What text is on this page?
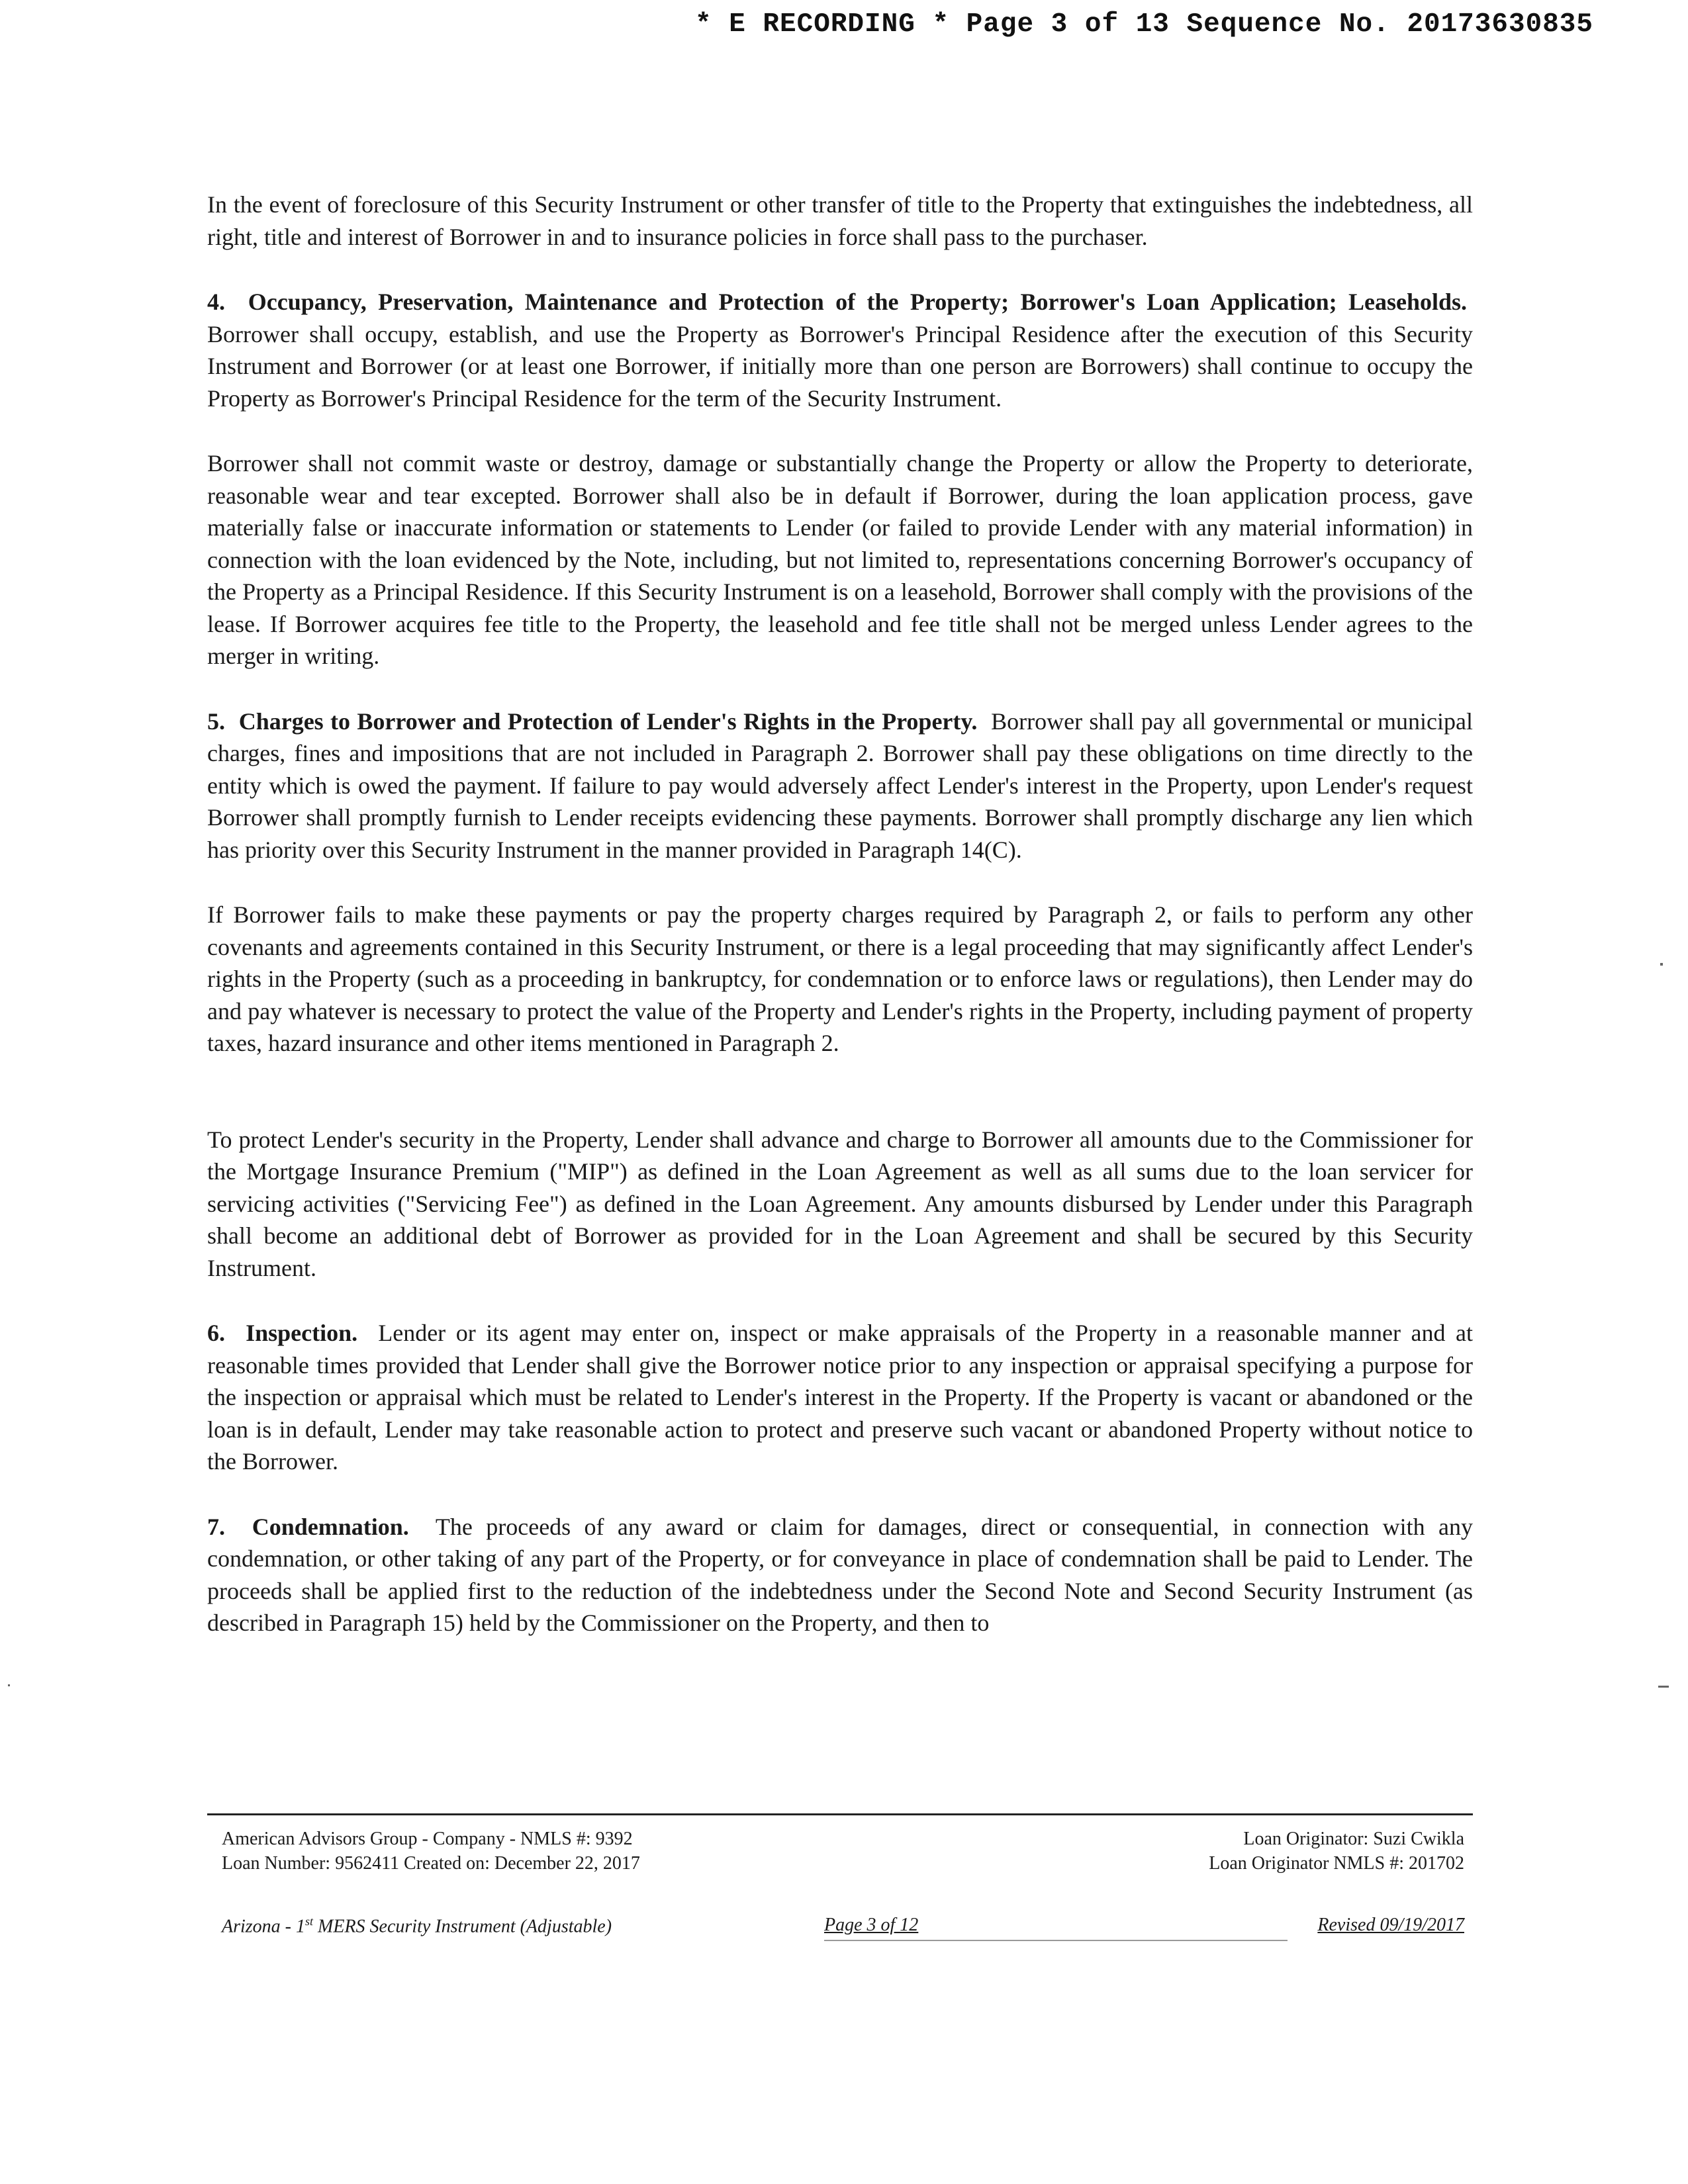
* E RECORDING * Page 3 of 13 Sequence No. 20173630835

In the event of foreclosure of this Security Instrument or other transfer of title to the Property that extinguishes the indebtedness, all right, title and interest of Borrower in and to insurance policies in force shall pass to the purchaser.

4. Occupancy, Preservation, Maintenance and Protection of the Property; Borrower's Loan Application; Leaseholds.  Borrower shall occupy, establish, and use the Property as Borrower's Principal Residence after the execution of this Security Instrument and Borrower (or at least one Borrower, if initially more than one person are Borrowers) shall continue to occupy the Property as Borrower's Principal Residence for the term of the Security Instrument.

Borrower shall not commit waste or destroy, damage or substantially change the Property or allow the Property to deteriorate, reasonable wear and tear excepted. Borrower shall also be in default if Borrower, during the loan application process, gave materially false or inaccurate information or statements to Lender (or failed to provide Lender with any material information) in connection with the loan evidenced by the Note, including, but not limited to, representations concerning Borrower's occupancy of the Property as a Principal Residence. If this Security Instrument is on a leasehold, Borrower shall comply with the provisions of the lease. If Borrower acquires fee title to the Property, the leasehold and fee title shall not be merged unless Lender agrees to the merger in writing.

5. Charges to Borrower and Protection of Lender's Rights in the Property. Borrower shall pay all governmental or municipal charges, fines and impositions that are not included in Paragraph 2. Borrower shall pay these obligations on time directly to the entity which is owed the payment. If failure to pay would adversely affect Lender's interest in the Property, upon Lender's request Borrower shall promptly furnish to Lender receipts evidencing these payments. Borrower shall promptly discharge any lien which has priority over this Security Instrument in the manner provided in Paragraph 14(C).

If Borrower fails to make these payments or pay the property charges required by Paragraph 2, or fails to perform any other covenants and agreements contained in this Security Instrument, or there is a legal proceeding that may significantly affect Lender's rights in the Property (such as a proceeding in bankruptcy, for condemnation or to enforce laws or regulations), then Lender may do and pay whatever is necessary to protect the value of the Property and Lender's rights in the Property, including payment of property taxes, hazard insurance and other items mentioned in Paragraph 2.

To protect Lender's security in the Property, Lender shall advance and charge to Borrower all amounts due to the Commissioner for the Mortgage Insurance Premium ("MIP") as defined in the Loan Agreement as well as all sums due to the loan servicer for servicing activities ("Servicing Fee") as defined in the Loan Agreement. Any amounts disbursed by Lender under this Paragraph shall become an additional debt of Borrower as provided for in the Loan Agreement and shall be secured by this Security Instrument.

6. Inspection. Lender or its agent may enter on, inspect or make appraisals of the Property in a reasonable manner and at reasonable times provided that Lender shall give the Borrower notice prior to any inspection or appraisal specifying a purpose for the inspection or appraisal which must be related to Lender's interest in the Property. If the Property is vacant or abandoned or the loan is in default, Lender may take reasonable action to protect and preserve such vacant or abandoned Property without notice to the Borrower.

7. Condemnation. The proceeds of any award or claim for damages, direct or consequential, in connection with any condemnation, or other taking of any part of the Property, or for conveyance in place of condemnation shall be paid to Lender. The proceeds shall be applied first to the reduction of the indebtedness under the Second Note and Second Security Instrument (as described in Paragraph 15) held by the Commissioner on the Property, and then to

American Advisors Group - Company - NMLS #: 9392
Loan Number: 9562411 Created on: December 22, 2017
Loan Originator: Suzi Cwikla
Loan Originator NMLS #: 201702
Arizona - 1st MERS Security Instrument (Adjustable)	Page 3 of 12	Revised 09/19/2017
